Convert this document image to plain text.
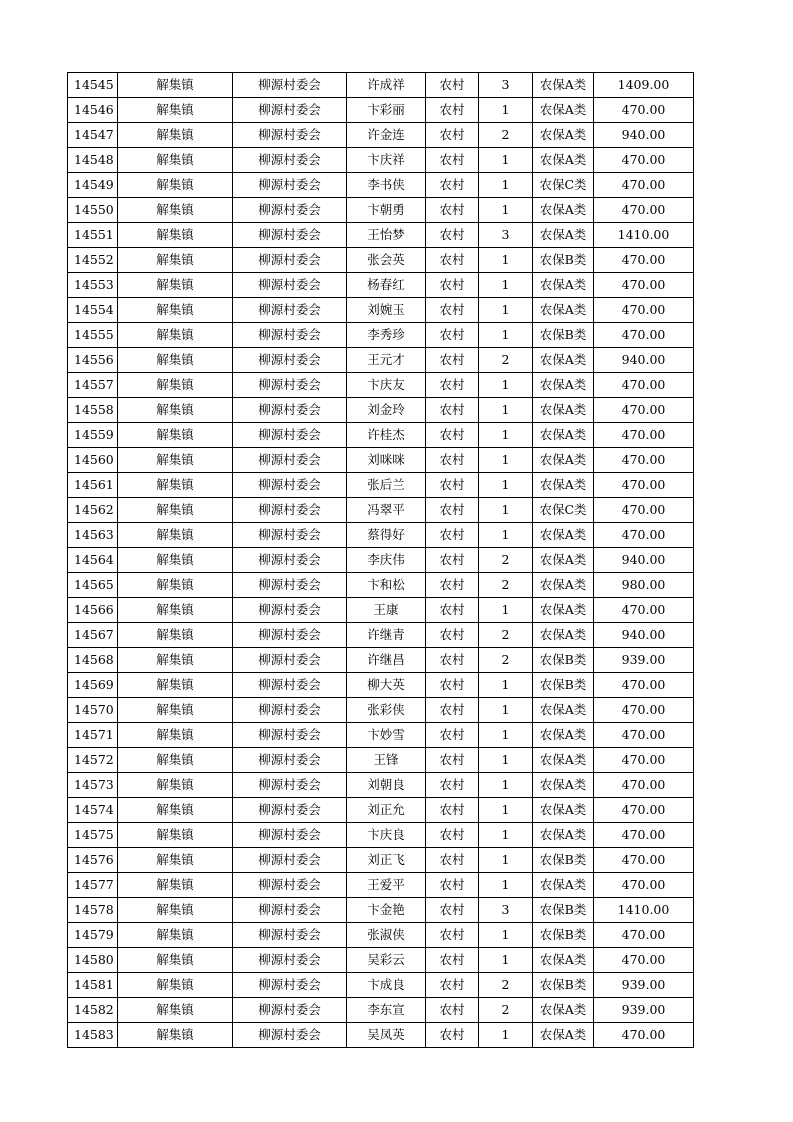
14545	解集镇	柳源村委会	许成祥	农村	3	农保A类	1409.00
14546	解集镇	柳源村委会	卞彩丽	农村	1	农保A类	470.00
14547	解集镇	柳源村委会	许金连	农村	2	农保A类	940.00
14548	解集镇	柳源村委会	卞庆祥	农村	1	农保A类	470.00
14549	解集镇	柳源村委会	李书侠	农村	1	农保C类	470.00
14550	解集镇	柳源村委会	卞朝勇	农村	1	农保A类	470.00
14551	解集镇	柳源村委会	王怡梦	农村	3	农保A类	1410.00
14552	解集镇	柳源村委会	张会英	农村	1	农保B类	470.00
14553	解集镇	柳源村委会	杨春红	农村	1	农保A类	470.00
14554	解集镇	柳源村委会	刘婉玉	农村	1	农保A类	470.00
14555	解集镇	柳源村委会	李秀珍	农村	1	农保B类	470.00
14556	解集镇	柳源村委会	王元才	农村	2	农保A类	940.00
14557	解集镇	柳源村委会	卞庆友	农村	1	农保A类	470.00
14558	解集镇	柳源村委会	刘金玲	农村	1	农保A类	470.00
14559	解集镇	柳源村委会	许桂杰	农村	1	农保A类	470.00
14560	解集镇	柳源村委会	刘咪咪	农村	1	农保A类	470.00
14561	解集镇	柳源村委会	张后兰	农村	1	农保A类	470.00
14562	解集镇	柳源村委会	冯翠平	农村	1	农保C类	470.00
14563	解集镇	柳源村委会	蔡得好	农村	1	农保A类	470.00
14564	解集镇	柳源村委会	李庆伟	农村	2	农保A类	940.00
14565	解集镇	柳源村委会	卞和松	农村	2	农保A类	980.00
14566	解集镇	柳源村委会	王康	农村	1	农保A类	470.00
14567	解集镇	柳源村委会	许继青	农村	2	农保A类	940.00
14568	解集镇	柳源村委会	许继昌	农村	2	农保B类	939.00
14569	解集镇	柳源村委会	柳大英	农村	1	农保B类	470.00
14570	解集镇	柳源村委会	张彩侠	农村	1	农保A类	470.00
14571	解集镇	柳源村委会	卞妙雪	农村	1	农保A类	470.00
14572	解集镇	柳源村委会	王锋	农村	1	农保A类	470.00
14573	解集镇	柳源村委会	刘朝良	农村	1	农保A类	470.00
14574	解集镇	柳源村委会	刘正允	农村	1	农保A类	470.00
14575	解集镇	柳源村委会	卞庆良	农村	1	农保A类	470.00
14576	解集镇	柳源村委会	刘正飞	农村	1	农保B类	470.00
14577	解集镇	柳源村委会	王爱平	农村	1	农保A类	470.00
14578	解集镇	柳源村委会	卞金艳	农村	3	农保B类	1410.00
14579	解集镇	柳源村委会	张淑侠	农村	1	农保B类	470.00
14580	解集镇	柳源村委会	吴彩云	农村	1	农保A类	470.00
14581	解集镇	柳源村委会	卞成良	农村	2	农保B类	939.00
14582	解集镇	柳源村委会	李东宣	农村	2	农保A类	939.00
14583	解集镇	柳源村委会	吴凤英	农村	1	农保A类	470.00
